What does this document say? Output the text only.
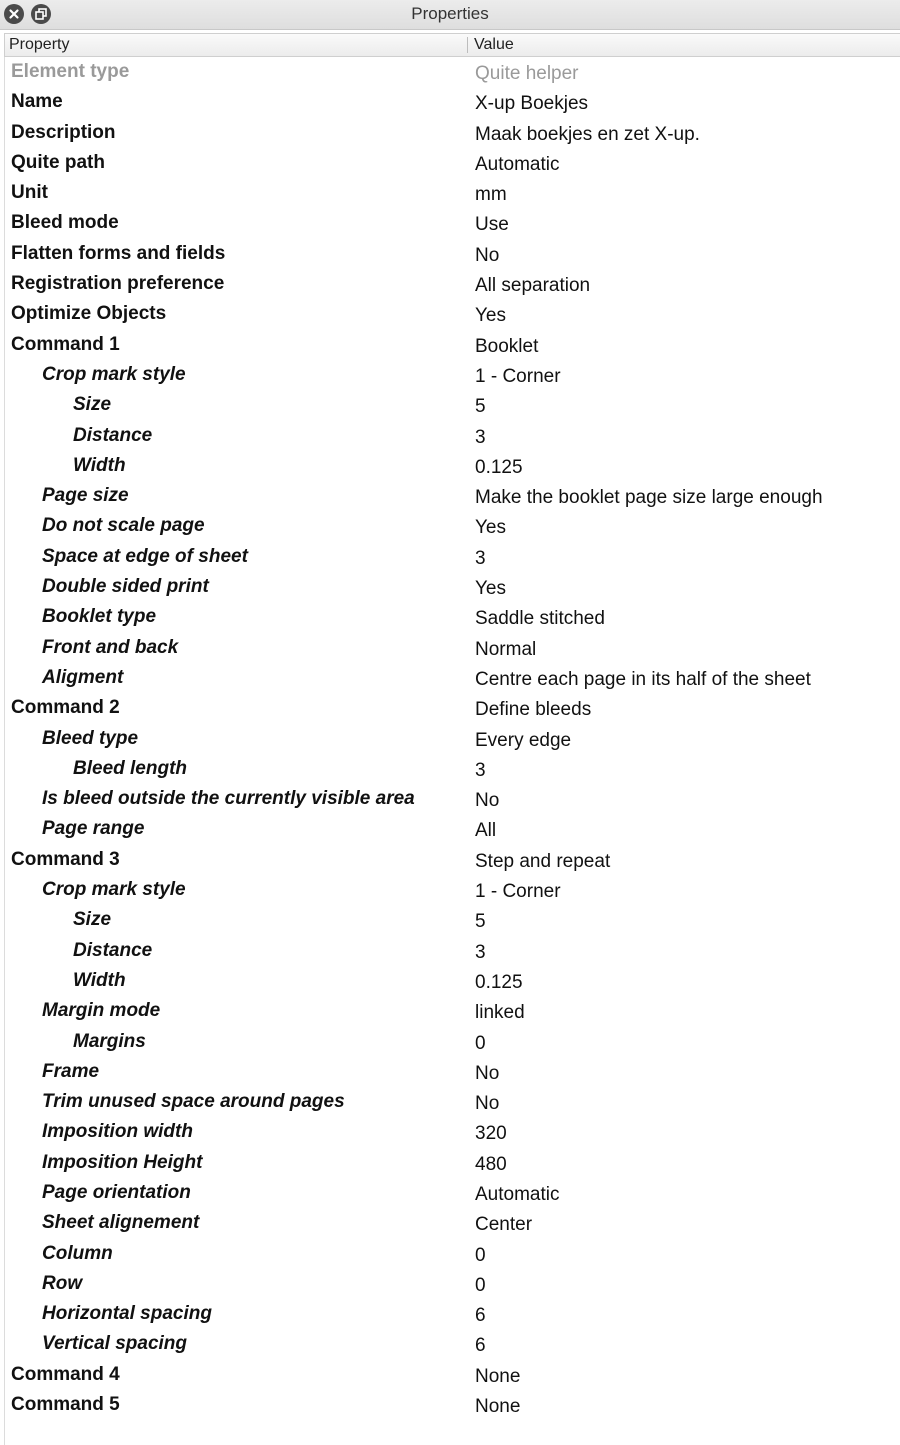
Properties
Property	Value
Element type	Quite helper
Name	X-up Boekjes
Description	Maak boekjes en zet X-up.
Quite path	Automatic
Unit	mm
Bleed mode	Use
Flatten forms and fields	No
Registration preference	All separation
Optimize Objects	Yes
Command 1	Booklet
Crop mark style	1 - Corner
Size	5
Distance	3
Width	0.125
Page size	Make the booklet page size large enough
Do not scale page	Yes
Space at edge of sheet	3
Double sided print	Yes
Booklet type	Saddle stitched
Front and back	Normal
Aligment	Centre each page in its half of the sheet
Command 2	Define bleeds
Bleed type	Every edge
Bleed length	3
Is bleed outside the currently visible area	No
Page range	All
Command 3	Step and repeat
Crop mark style	1 - Corner
Size	5
Distance	3
Width	0.125
Margin mode	linked
Margins	0
Frame	No
Trim unused space around pages	No
Imposition width	320
Imposition Height	480
Page orientation	Automatic
Sheet alignement	Center
Column	0
Row	0
Horizontal spacing	6
Vertical spacing	6
Command 4	None
Command 5	None
